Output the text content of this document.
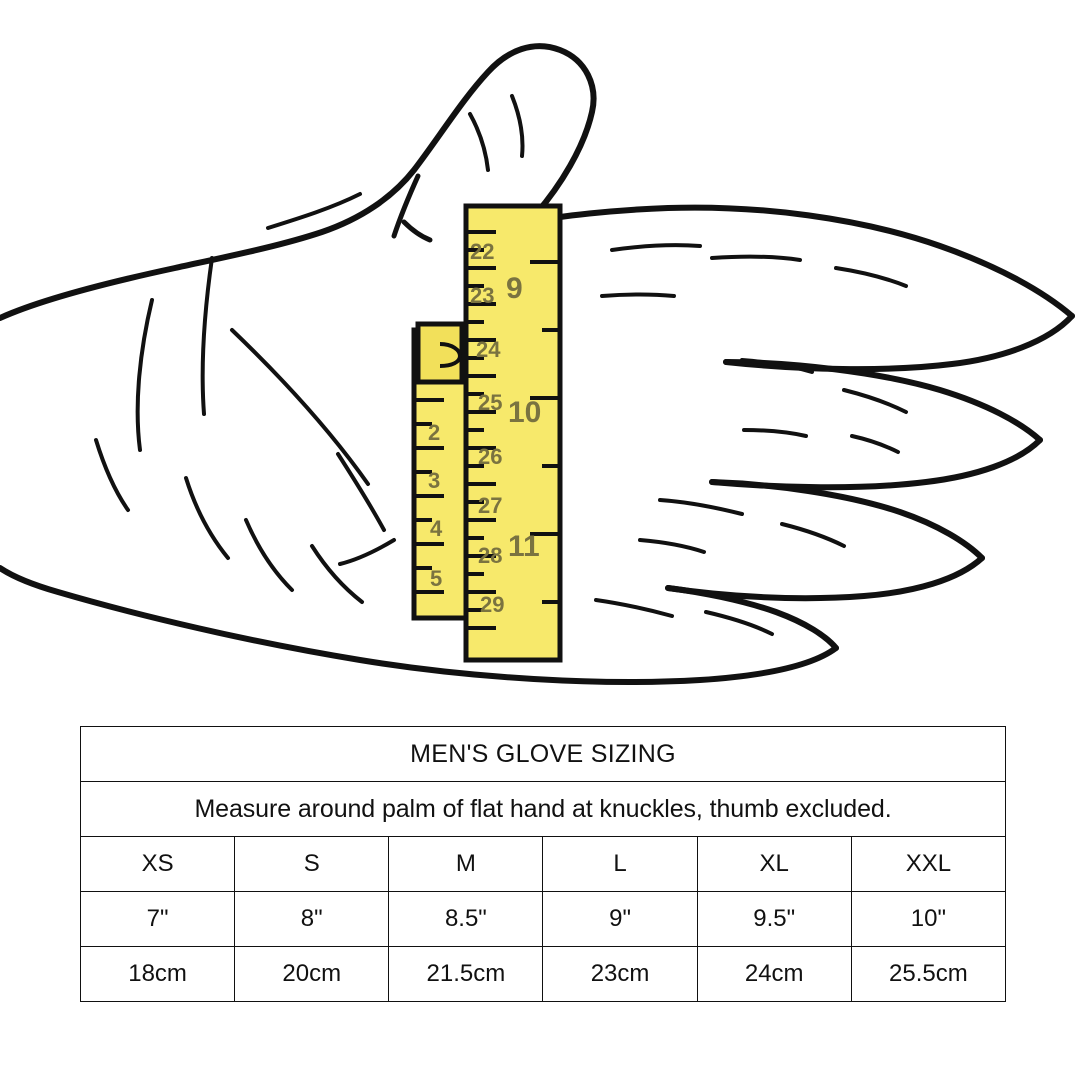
22
23
24
25
26
27
28
29
9
10
11
2
3
4
5
MEN'S GLOVE SIZING					
Measure around palm of flat hand at knuckles, thumb excluded.					
XS	S	M	L	XL	XXL
7"	8"	8.5"	9"	9.5"	10"
18cm	20cm	21.5cm	23cm	24cm	25.5cm
